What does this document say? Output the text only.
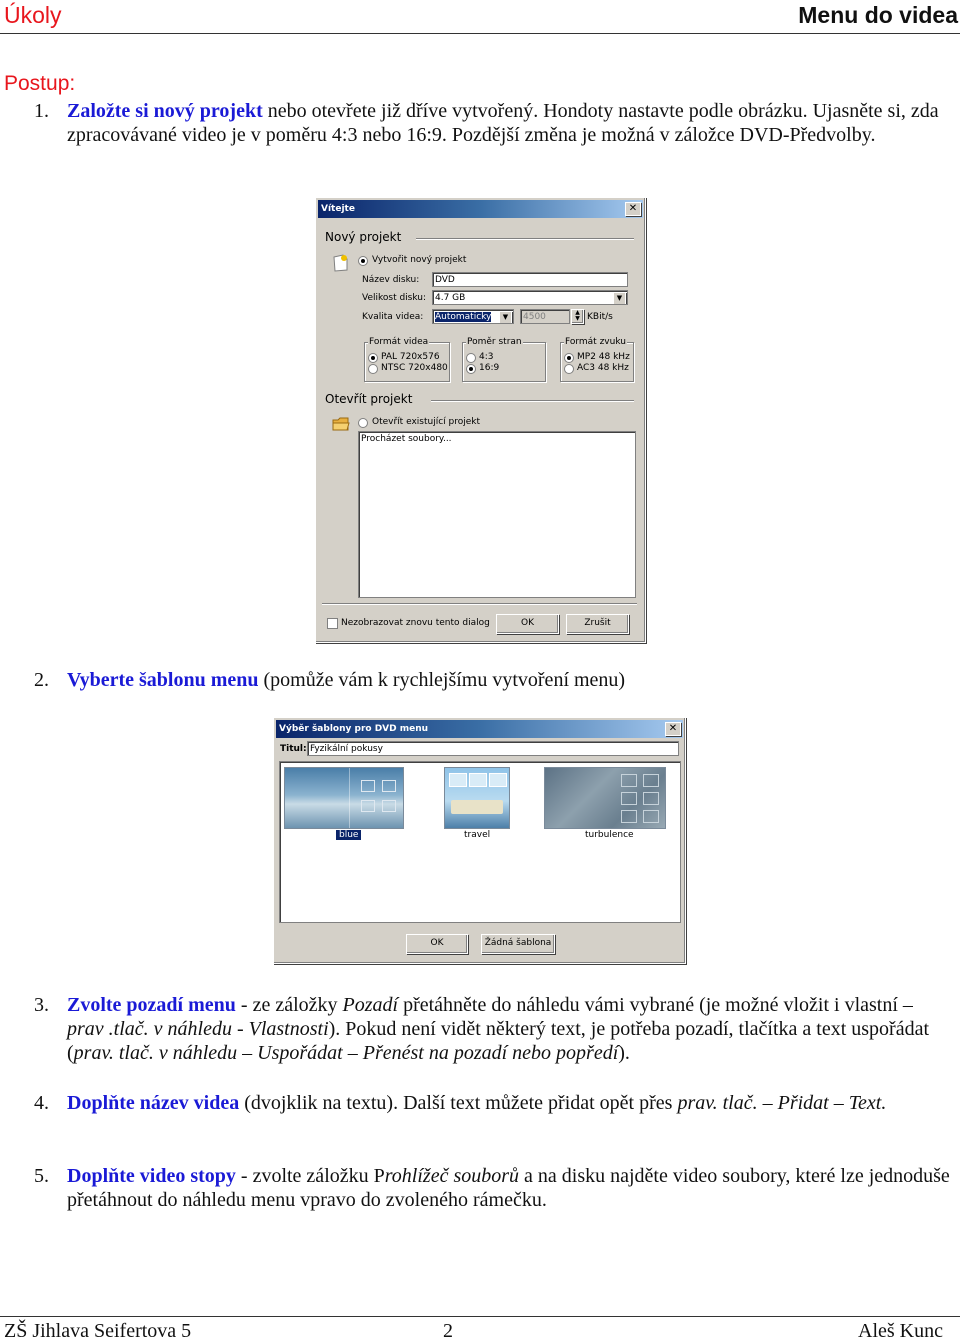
Úkoly	Menu do videa
Postup:
1. Založte si nový projekt nebo otevřete již dříve vytvořený. Hondoty nastavte podle obrázku. Ujasněte si, zda zpracovávané video je v poměru 4:3 nebo 16:9. Pozdější změna je možná v záložce DVD-Předvolby.
Vítejte	✕
Nový projekt
Vytvořit nový projekt
Název disku:	DVD
Velikost disku: 4.7 GB	▼
Kvalita videa:	Automaticky	▼	4500	▲
▼ KBit/s
Formát videa
PAL 720x576
NTSC 720x480
Poměr stran
4:3
16:9
Formát zvuku
MP2 48 kHz
AC3 48 kHz
Otevřít projekt
Otevřít existující projekt
Procházet soubory...
Nezobrazovat znovu tento dialog	OK	Zrušit
2. Vyberte šablonu menu (pomůže vám k rychlejšímu vytvoření menu)
Výběr šablony pro DVD menu	✕
Titul: Fyzikální pokusy
blue	travel	turbulence
OK	Žádná šablona
3. Zvolte pozadí menu - ze záložky Pozadí přetáhněte do náhledu vámi vybrané (je možné vložit i vlastní – prav .tlač. v náhledu - Vlastnosti). Pokud není vidět některý text, je potřeba pozadí, tlačítka a text uspořádat (prav. tlač. v náhledu – Uspořádat – Přenést na pozadí nebo popředí).
4. Doplňte název videa (dvojklik na textu). Další text můžete přidat opět přes prav. tlač. – Přidat – Text.
5. Doplňte video stopy - zvolte záložku Prohlížeč souborů a na disku najděte video soubory, které lze jednoduše přetáhnout do náhledu menu vpravo do zvoleného rámečku.
ZŠ Jihlava Seifertova 5	2	Aleš Kunc
